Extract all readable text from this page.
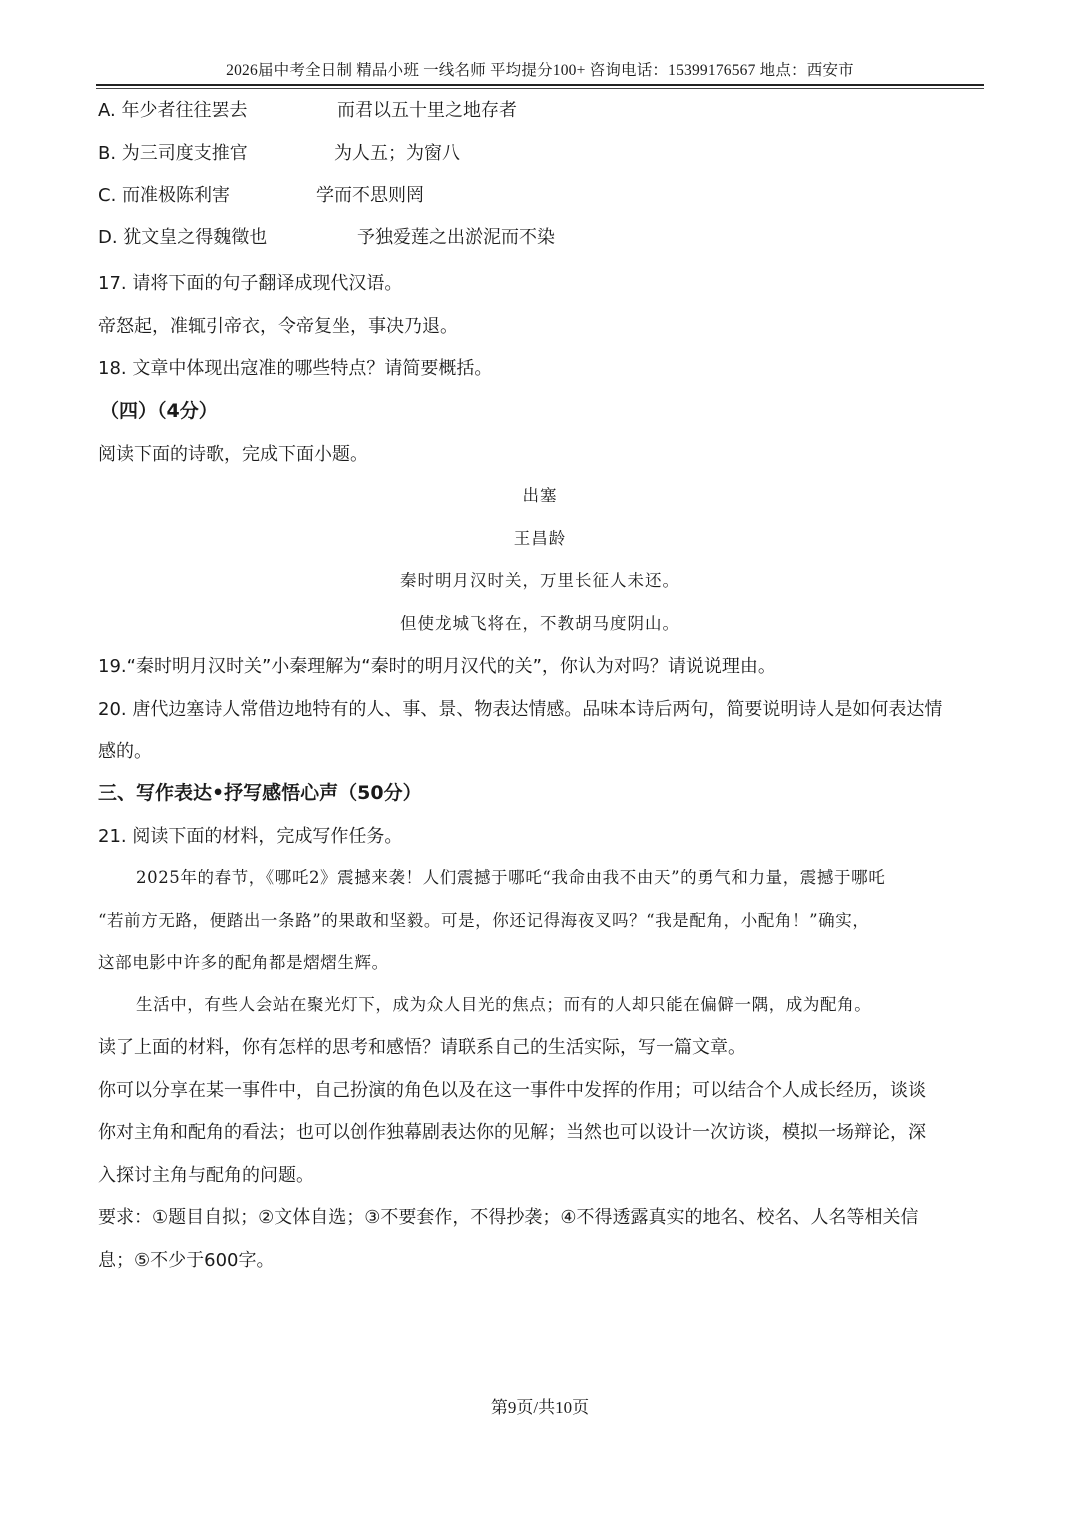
2026届中考全日制 精品小班 一线名师 平均提分100+ 咨询电话：15399176567 地点：西安市
A. 年少者往往罢去	而君以五十里之地存者
B. 为三司度支推官	为人五；为窗八
C. 而准极陈利害	学而不思则罔
D. 犹文皇之得魏徵也	予独爱莲之出淤泥而不染
17. 请将下面的句子翻译成现代汉语。
帝怒起，准辄引帝衣，令帝复坐，事决乃退。
18. 文章中体现出寇准的哪些特点？请简要概括。
（四）（4分）
阅读下面的诗歌，完成下面小题。
出塞
王昌龄
秦时明月汉时关，万里长征人未还。
但使龙城飞将在，不教胡马度阴山。
19.“秦时明月汉时关”小秦理解为“秦时的明月汉代的关”，你认为对吗？请说说理由。
20. 唐代边塞诗人常借边地特有的人、事、景、物表达情感。品味本诗后两句，简要说明诗人是如何表达情
感的。
三、写作表达•抒写感悟心声（50分）
21. 阅读下面的材料，完成写作任务。
2025年的春节，《哪吒2》震撼来袭！人们震撼于哪吒“我命由我不由天”的勇气和力量，震撼于哪吒
“若前方无路，便踏出一条路”的果敢和坚毅。可是，你还记得海夜叉吗？“我是配角，小配角！”确实，
这部电影中许多的配角都是熠熠生辉。
生活中，有些人会站在聚光灯下，成为众人目光的焦点；而有的人却只能在偏僻一隅，成为配角。
读了上面的材料，你有怎样的思考和感悟？请联系自己的生活实际，写一篇文章。
你可以分享在某一事件中，自己扮演的角色以及在这一事件中发挥的作用；可以结合个人成长经历，谈谈
你对主角和配角的看法；也可以创作独幕剧表达你的见解；当然也可以设计一次访谈，模拟一场辩论，深
入探讨主角与配角的问题。
要求：①题目自拟；②文体自选；③不要套作，不得抄袭；④不得透露真实的地名、校名、人名等相关信
息；⑤不少于600字。
第9页/共10页
